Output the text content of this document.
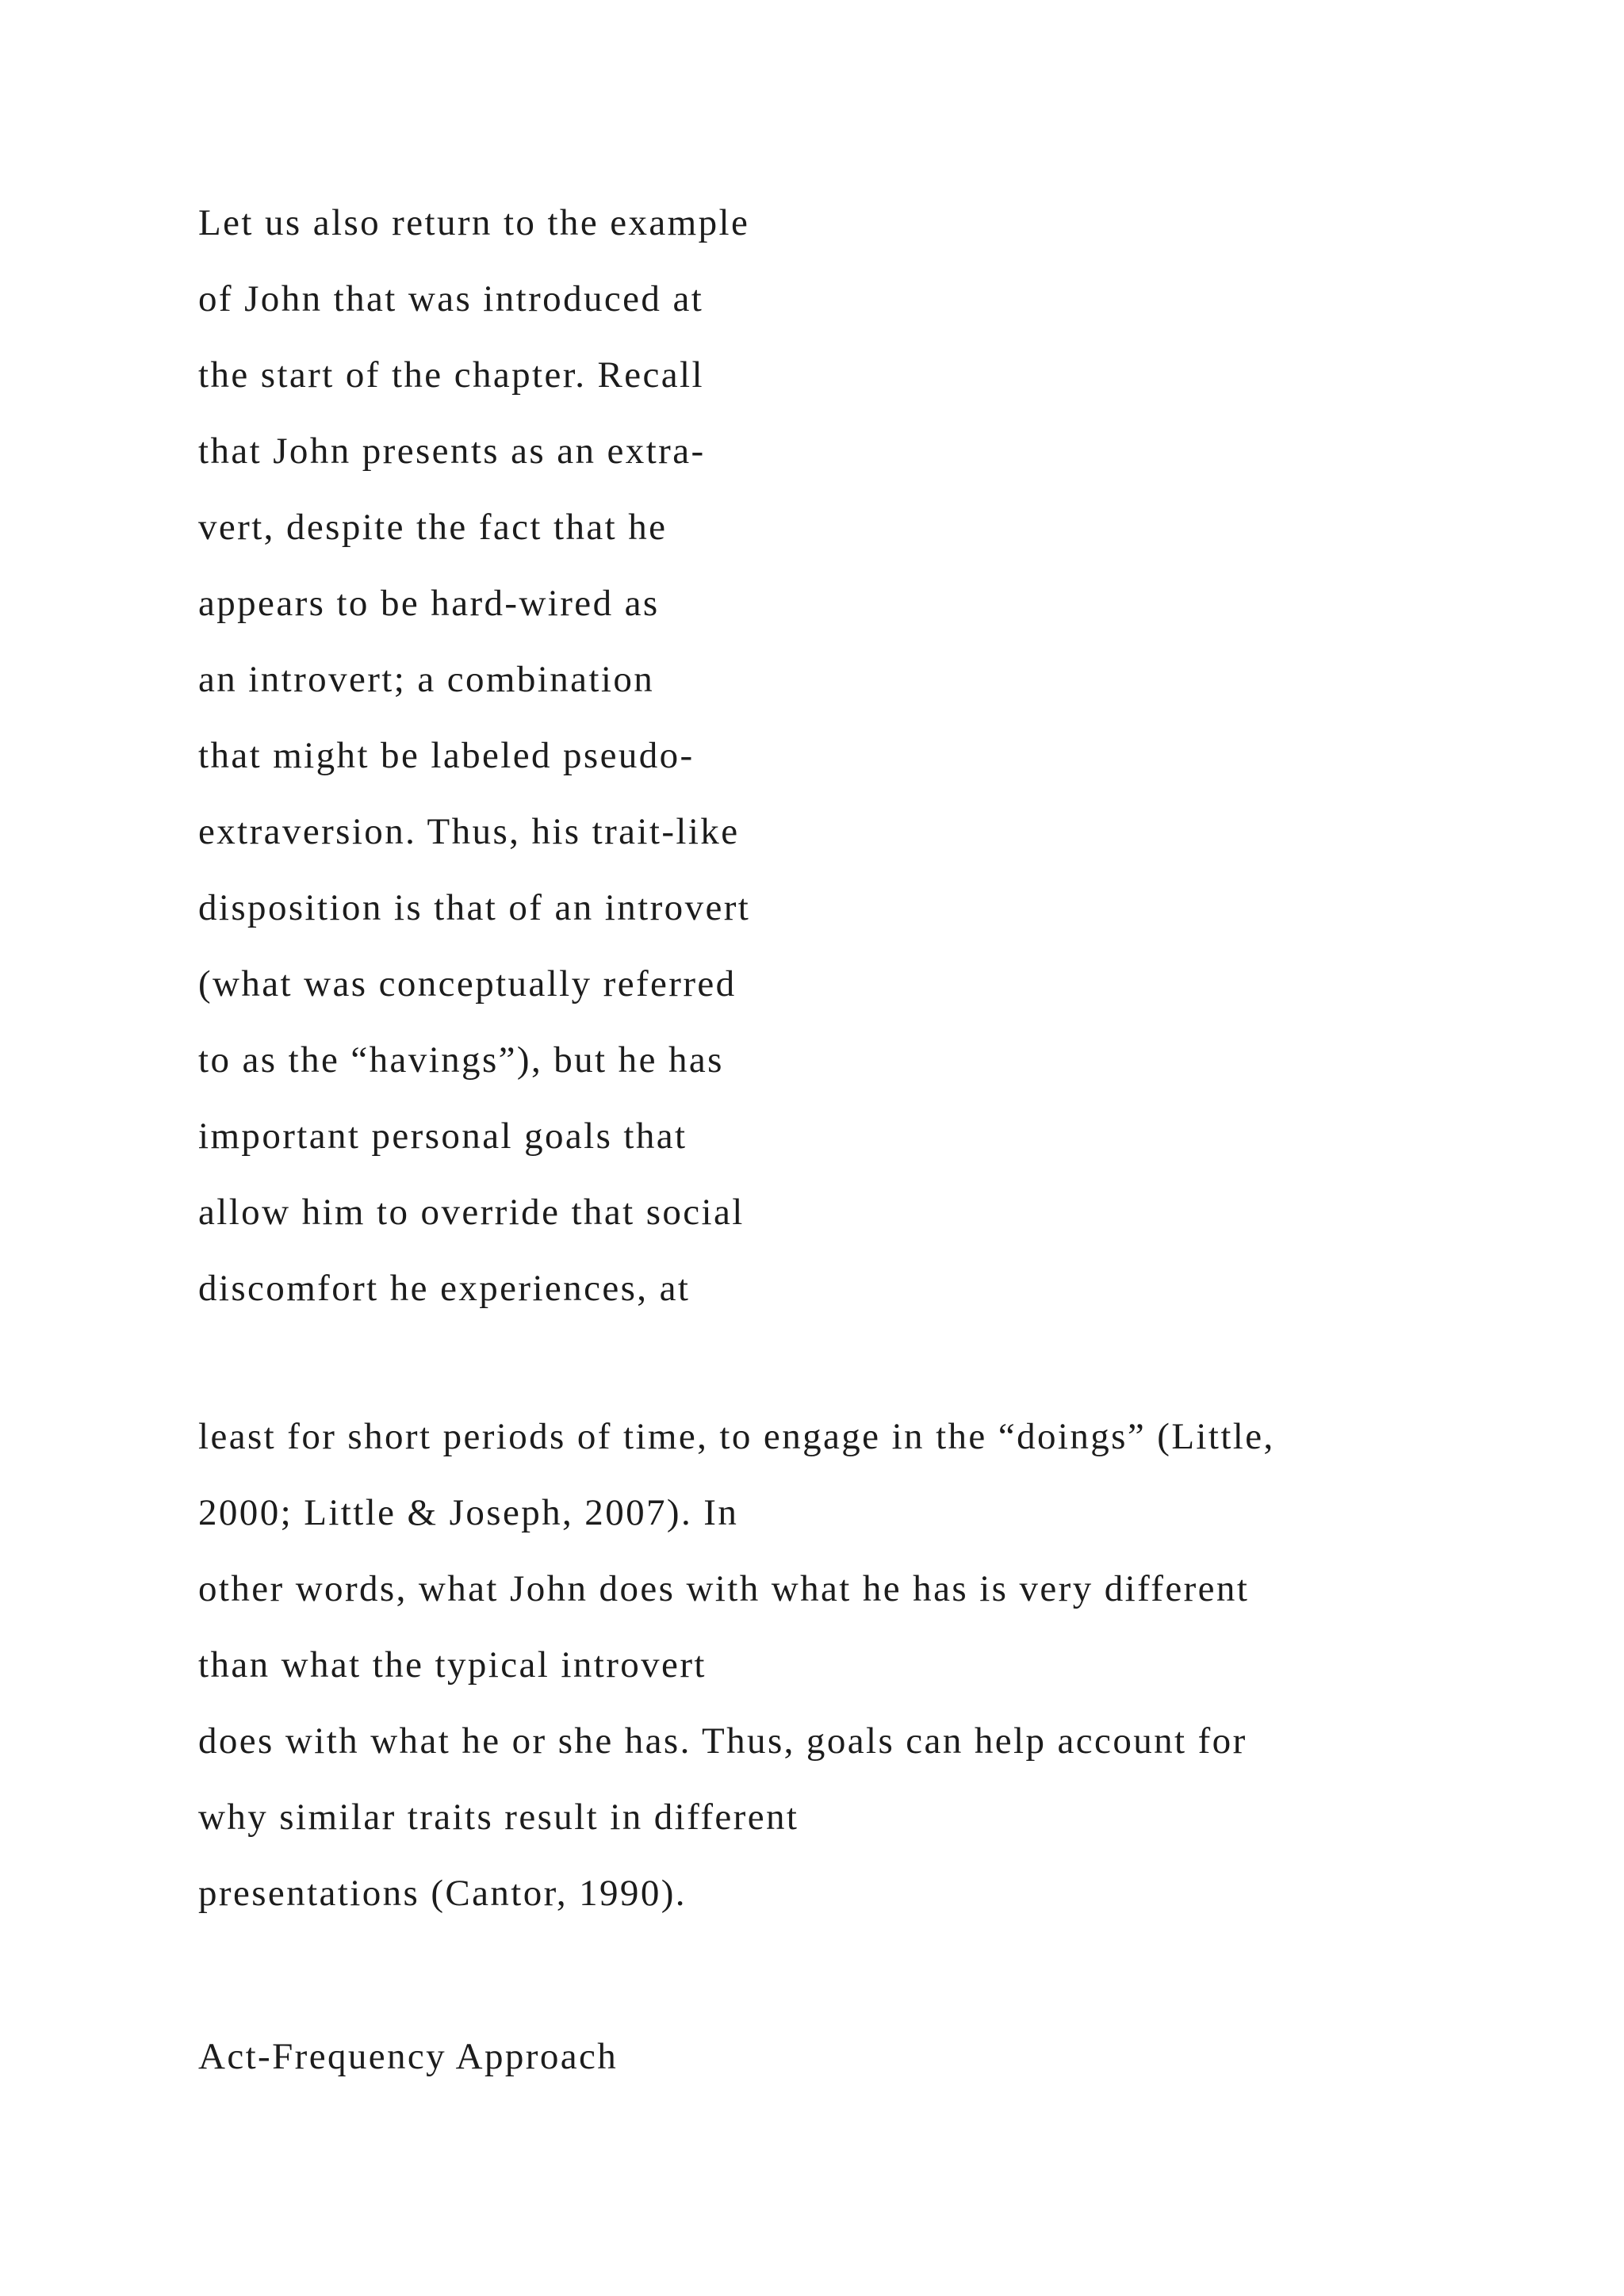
Let us also return to the example
of John that was introduced at
the start of the chapter. Recall
that John presents as an extra-
vert, despite the fact that he
appears to be hard-wired as
an introvert; a combination
that might be labeled pseudo-
extraversion. Thus, his trait-like
disposition is that of an introvert
(what was conceptually referred
to as the “havings”), but he has
important personal goals that
allow him to override that social
discomfort he experiences, at
least for short periods of time, to engage in the “doings” (Little,
2000; Little & Joseph, 2007). In
other words, what John does with what he has is very different
than what the typical introvert
does with what he or she has. Thus, goals can help account for
why similar traits result in different
presentations (Cantor, 1990).
Act-Frequency Approach
